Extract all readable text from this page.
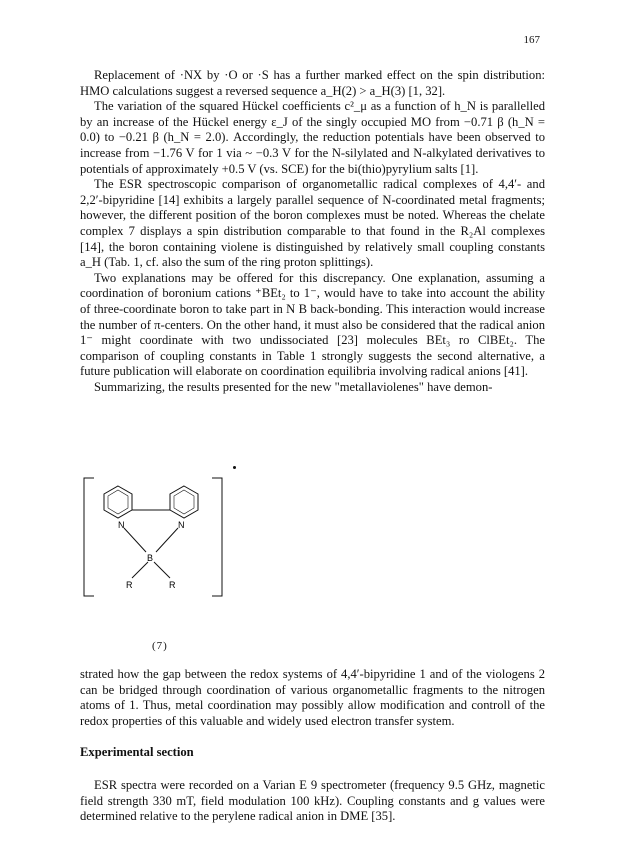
167

Replacement of ·NX by ·O or ·S has a further marked effect on the spin distribution: HMO calculations suggest a reversed sequence a_H(2) > a_H(3) [1, 32].

The variation of the squared Hückel coefficients c²_μ as a function of h_N is parallelled by an increase of the Hückel energy ε_J of the singly occupied MO from −0.71 β (h_N = 0.0) to −0.21 β (h_N = 2.0). Accordingly, the reduction potentials have been observed to increase from −1.76 V for 1 via ~ −0.3 V for the N-silylated and N-alkylated derivatives to potentials of approximately +0.5 V (vs. SCE) for the bi(thio)pyrylium salts [1].

The ESR spectroscopic comparison of organometallic radical complexes of 4,4′- and 2,2′-bipyridine [14] exhibits a largely parallel sequence of N-coordinated metal fragments; however, the different position of the boron complexes must be noted. Whereas the chelate complex 7 displays a spin distribution comparable to that found in the R₂Al complexes [14], the boron containing violene is distinguished by relatively small coupling constants a_H (Tab. 1, cf. also the sum of the ring proton splittings).

Two explanations may be offered for this discrepancy. One explanation, assuming a coordination of boronium cations ⁺BEt₂ to 1⁻, would have to take into account the ability of three-coordinate boron to take part in N B back-bonding. This interaction would increase the number of π-centers. On the other hand, it must also be considered that the radical anion 1⁻ might coordinate with two undissociated [23] molecules BEt₃ ro ClBEt₂. The comparison of coupling constants in Table 1 strongly suggests the second alternative, a future publication will elaborate on coordination equilibria involving radical anions [41].

Summarizing, the results presented for the new "metallaviolenes" have demon-

N	N
B
R	R
(7)

strated how the gap between the redox systems of 4,4′-bipyridine 1 and of the viologens 2 can be bridged through coordination of various organometallic fragments to the nitrogen atoms of 1. Thus, metal coordination may possibly allow modification and controll of the redox properties of this valuable and widely used electron transfer system.

Experimental section

ESR spectra were recorded on a Varian E 9 spectrometer (frequency 9.5 GHz, magnetic field strength 330 mT, field modulation 100 kHz). Coupling constants and g values were determined relative to the perylene radical anion in DME [35].
